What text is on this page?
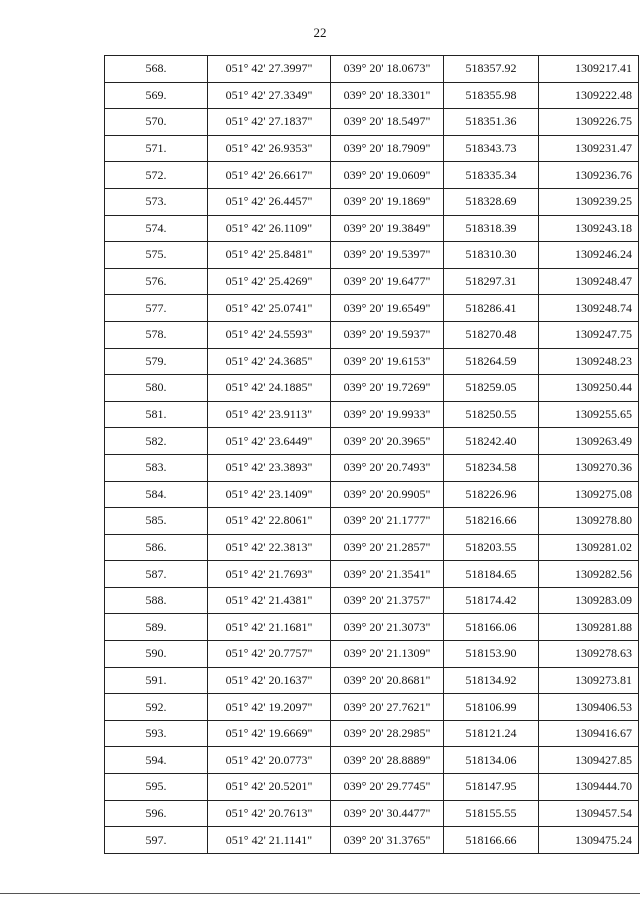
22
568.	051° 42' 27.3997"	039° 20' 18.0673"	518357.92	1309217.41
569.	051° 42' 27.3349"	039° 20' 18.3301"	518355.98	1309222.48
570.	051° 42' 27.1837"	039° 20' 18.5497"	518351.36	1309226.75
571.	051° 42' 26.9353"	039° 20' 18.7909"	518343.73	1309231.47
572.	051° 42' 26.6617"	039° 20' 19.0609"	518335.34	1309236.76
573.	051° 42' 26.4457"	039° 20' 19.1869"	518328.69	1309239.25
574.	051° 42' 26.1109"	039° 20' 19.3849"	518318.39	1309243.18
575.	051° 42' 25.8481"	039° 20' 19.5397"	518310.30	1309246.24
576.	051° 42' 25.4269"	039° 20' 19.6477"	518297.31	1309248.47
577.	051° 42' 25.0741"	039° 20' 19.6549"	518286.41	1309248.74
578.	051° 42' 24.5593"	039° 20' 19.5937"	518270.48	1309247.75
579.	051° 42' 24.3685"	039° 20' 19.6153"	518264.59	1309248.23
580.	051° 42' 24.1885"	039° 20' 19.7269"	518259.05	1309250.44
581.	051° 42' 23.9113"	039° 20' 19.9933"	518250.55	1309255.65
582.	051° 42' 23.6449"	039° 20' 20.3965"	518242.40	1309263.49
583.	051° 42' 23.3893"	039° 20' 20.7493"	518234.58	1309270.36
584.	051° 42' 23.1409"	039° 20' 20.9905"	518226.96	1309275.08
585.	051° 42' 22.8061"	039° 20' 21.1777"	518216.66	1309278.80
586.	051° 42' 22.3813"	039° 20' 21.2857"	518203.55	1309281.02
587.	051° 42' 21.7693"	039° 20' 21.3541"	518184.65	1309282.56
588.	051° 42' 21.4381"	039° 20' 21.3757"	518174.42	1309283.09
589.	051° 42' 21.1681"	039° 20' 21.3073"	518166.06	1309281.88
590.	051° 42' 20.7757"	039° 20' 21.1309"	518153.90	1309278.63
591.	051° 42' 20.1637"	039° 20' 20.8681"	518134.92	1309273.81
592.	051° 42' 19.2097"	039° 20' 27.7621"	518106.99	1309406.53
593.	051° 42' 19.6669"	039° 20' 28.2985"	518121.24	1309416.67
594.	051° 42' 20.0773"	039° 20' 28.8889"	518134.06	1309427.85
595.	051° 42' 20.5201"	039° 20' 29.7745"	518147.95	1309444.70
596.	051° 42' 20.7613"	039° 20' 30.4477"	518155.55	1309457.54
597.	051° 42' 21.1141"	039° 20' 31.3765"	518166.66	1309475.24
